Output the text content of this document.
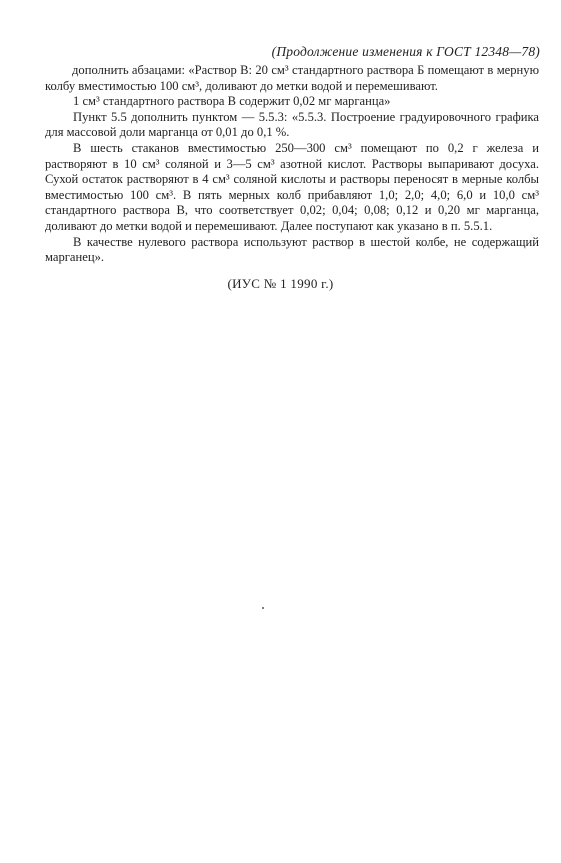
(Продолжение изменения к ГОСТ 12348—78)

дополнить абзацами: «Раствор В: 20 см³ стандартного раствора Б помещают в мерную колбу вместимостью 100 см³, доливают до метки водой и перемешивают.

1 см³ стандартного раствора В содержит 0,02 мг марганца»

Пункт 5.5 дополнить пунктом — 5.5.3: «5.5.3. Построение градуировочного графика для массовой доли марганца от 0,01 до 0,1 %.

В шесть стаканов вместимостью 250—300 см³ помещают по 0,2 г железа и растворяют в 10 см³ соляной и 3—5 см³ азотной кислот. Растворы выпаривают досуха. Сухой остаток растворяют в 4 см³ соляной кислоты и растворы переносят в мерные колбы вместимостью 100 см³. В пять мерных колб прибавляют 1,0; 2,0; 4,0; 6,0 и 10,0 см³ стандартного раствора В, что соответствует 0,02; 0,04; 0,08; 0,12 и 0,20 мг марганца, доливают до метки водой и перемешивают. Далее поступают как указано в п. 5.5.1.

В качестве нулевого раствора используют раствор в шестой колбе, не содержащий марганец».

(ИУС № 1 1990 г.)
